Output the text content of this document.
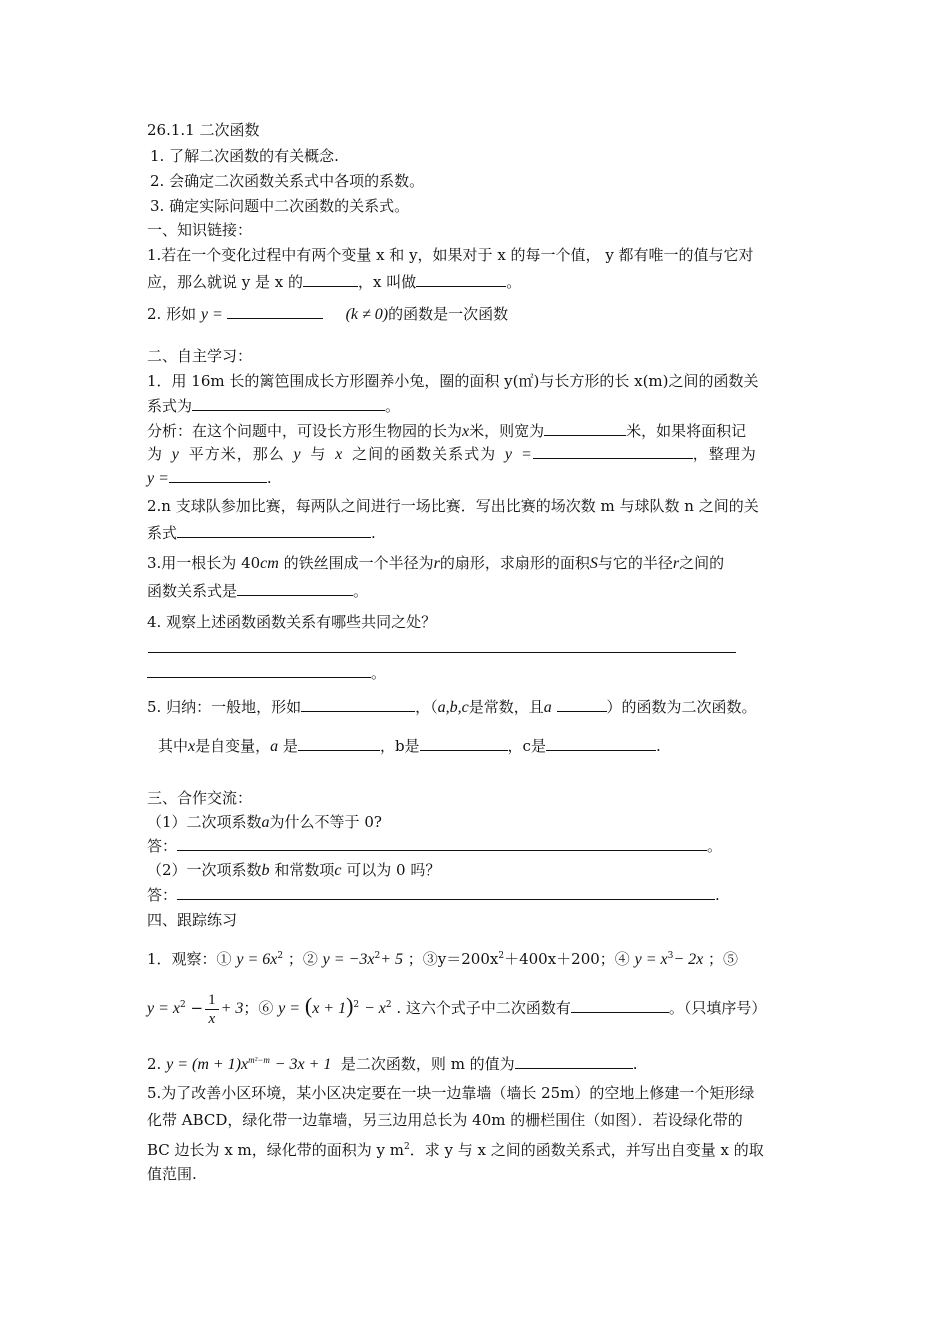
26.1.1 二次函数
1. 了解二次函数的有关概念.
2. 会确定二次函数关系式中各项的系数。
3. 确定实际问题中二次函数的关系式。
一、知识链接：
1.若在一个变化过程中有两个变量 x 和 y，如果对于 x 的每一个值， y 都有唯一的值与它对
应，那么就说 y 是 x 的	，x 叫做	。
2. 形如 y =	(k ≠ 0)的函数是一次函数
二、自主学习：
1．用 16m 长的篱笆围成长方形圈养小兔，圈的面积 y(㎡)与长方形的长 x(m)之间的函数关
系式为	。
分析：在这个问题中，可设长方形生物园的长为x米，则宽为	米，如果将面积记
为 y 平方米，那么 y 与 x 之间的函数关系式为 y =	，整理为
y =	.
2.n 支球队参加比赛，每两队之间进行一场比赛．写出比赛的场次数 m 与球队数 n 之间的关
系式	.
3.用一根长为 40cm 的铁丝围成一个半径为r的扇形，求扇形的面积S与它的半径r之间的
函数关系式是	。
4. 观察上述函数函数关系有哪些共同之处？
。
5. 归纳：一般地，形如	，（a,b,c是常数，且a	）的函数为二次函数。
其中x是自变量，a 是	，b是	，c是	.
三、合作交流：
（1）二次项系数a为什么不等于 0?
答：	。
（2）一次项系数b 和常数项c 可以为 0 吗？
答：	.
四、跟踪练习
1．观察：① $y = 6x^2$ ；② $y = -3x^2+ 5$ ；$③y=200x^2+400x+200$；④ $y = x^3- 2x$ ；⑤
$y = x^2 - \frac{1}{x} + 3$；⑥ $y = (x + 1)^2 - x^2$ . 这六个式子中二次函数有	。（只填序号）
2. $y = (m + 1)x^{m^2-m} - 3x + 1$ 是二次函数，则 m 的值为	.
5.为了改善小区环境，某小区决定要在一块一边靠墙（墙长 25m）的空地上修建一个矩形绿
化带 ABCD，绿化带一边靠墙，另三边用总长为 40m 的栅栏围住（如图）．若设绿化带的
BC 边长为 x m，绿化带的面积为 y $m^2$．求 y 与 x 之间的函数关系式，并写出自变量 x 的取
值范围.
